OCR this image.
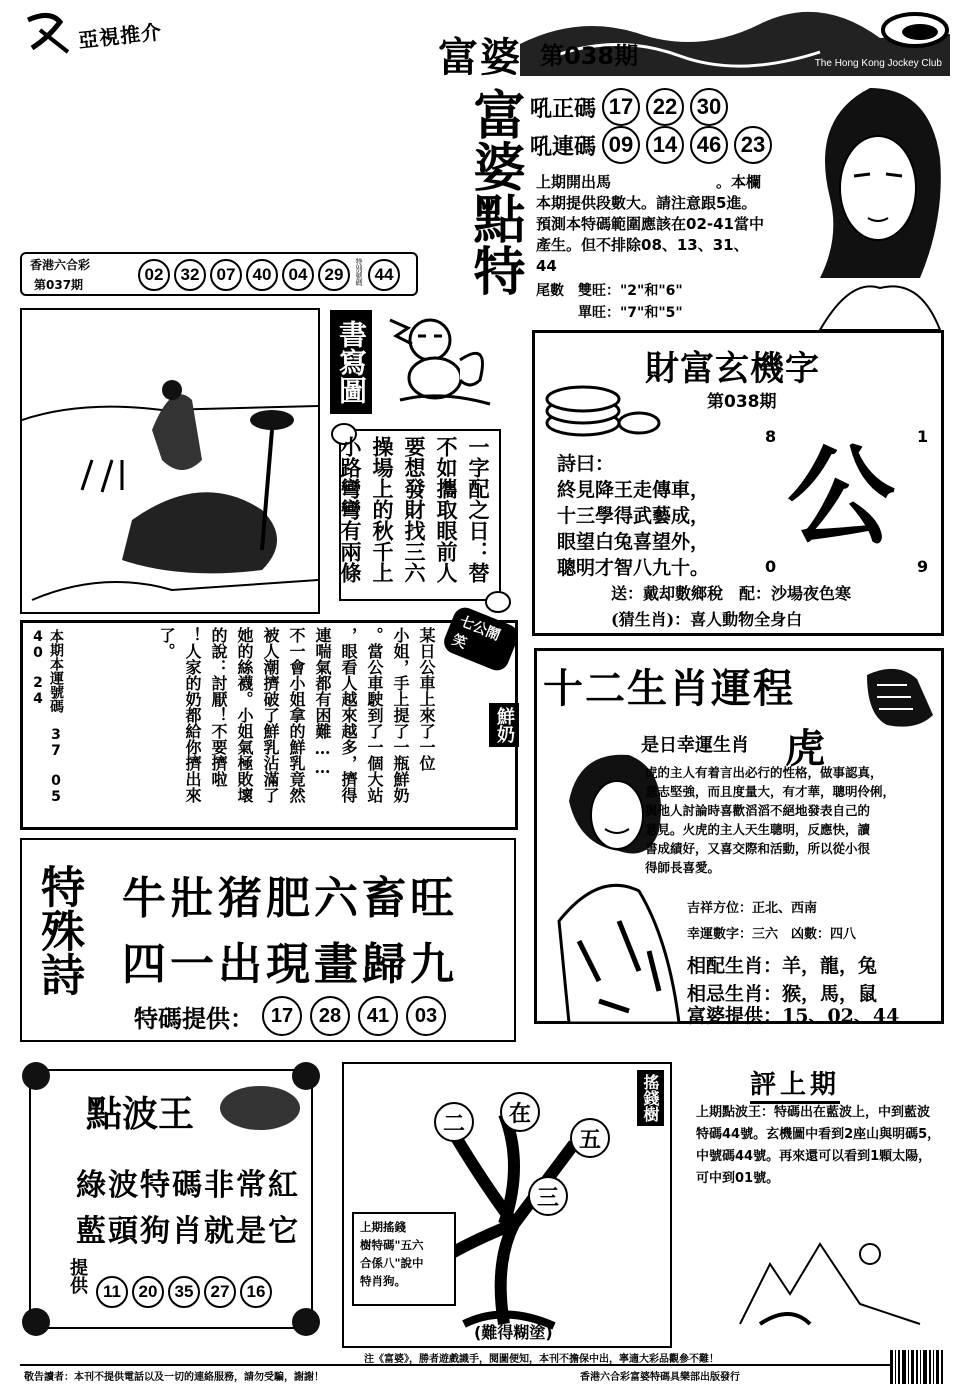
亞視推介
The Hong Kong Jockey Club
富婆 第038期
富婆點特 吼正碼 17 22 30
吼連碼 09 14 46 23
上期開出馬　　　　　　　。本欄
本期提供段數大。請注意跟5進。
預測本特碼範圍應該在02-41當中
產生。但不排除08、13、31、
44
尾數　雙旺："2"和"6"
單旺："7"和"5"
香港六合彩
第037期
02	32	07	40	04	29	特別號碼 44
書寫圖
一字配之日：替
不如攜取眼前人
要想發財找三六
操場上的秋千上
小路彎彎有兩條
財富玄機字
第038期
8	1
公
0	9
詩曰：
終見降王走傳車，
十三學得武藝成，
眼望白兔喜望外，
聰明才智八九十。
送：戴却數鄉稅　配：沙場夜色寒
(猜生肖)：喜人動物全身白
本期本運號碼　37　05　40　24	某日公車上來了一位
小姐，手上提了一瓶鮮奶
。當公車駛到了一個大站
，眼看人越來越多，擠得
連喘氣都有困難……
不一會小姐拿的鮮乳竟然
被人潮擠破了鮮乳沾滿了
她的絲襪。小姐氣極敗壞
的說：討厭！不要擠啦
！人家的奶都給你擠出來
了。	七公鬧笑
鮮奶
十二生肖運程
是日幸運生肖 虎
虎的主人有着言出必行的性格，做事認真，
意志堅強，而且度量大，有才華，聰明伶俐，
與他人討論時喜歡滔滔不絕地發表自己的
意見。火虎的主人天生聰明，反應快，讀
書成績好，又喜交際和活動，所以從小很
得師長喜愛。
吉祥方位：正北、西南
幸運數字：三六　凶數：四八
相配生肖：羊，龍，兔
相忌生肖：猴，馬，鼠
富婆提供：15、02、44
特殊詩 牛壯猪肥六畜旺
四一出現畫歸九
特碼提供： 17	28	41	03
點波王
綠波特碼非常紅
藍頭狗肖就是它
提供 11	20	35	27	16
搖錢樹
二	在
五
三
上期搖錢
樹特碼"五六
合係八"說中
特肖狗。
(難得糊塗)
評上期
上期點波王：特碼出在藍波上，中到藍波特碼44號。玄機圖中看到2座山與明碼5，中號碼44號。再來還可以看到1顆太陽，可中到01號。
注《富婆》，勝者遊戲識手，閱圖便知，本刊不擔保中出，寧適大彩品觀參不難！
敬告讀者：本刊不提供電話以及一切的連絡服務，請勿受騙，謝謝！	香港六合彩富婆特碼具樂部出版發行
